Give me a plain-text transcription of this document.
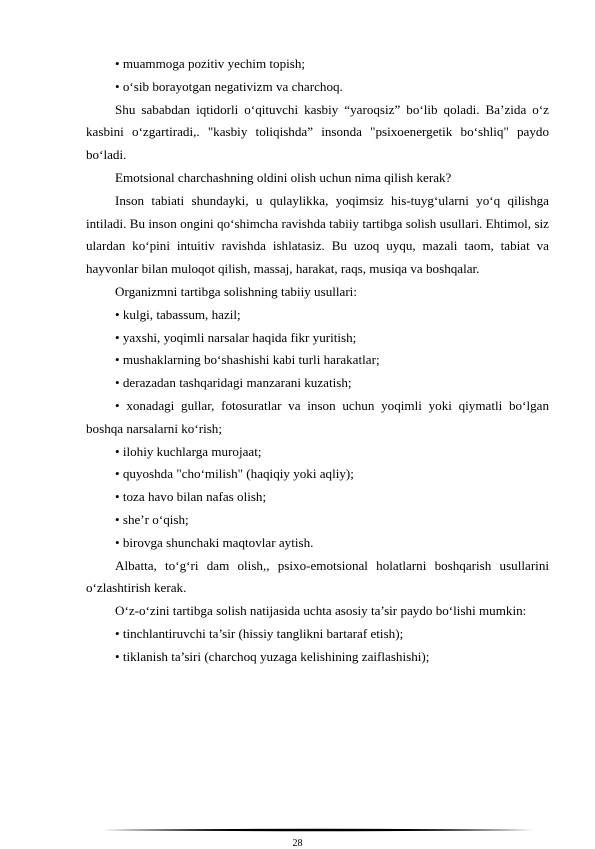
• muammoga pozitiv yechim topish;

• o‘sib borayotgan negativizm va charchoq.

Shu sababdan iqtidorli o‘qituvchi kasbiy “yaroqsiz” bo‘lib qoladi. Ba’zida o‘z kasbini o‘zgartiradi,. "kasbiy toliqishda” insonda "psixoenergetik bo‘shliq" paydo bo‘ladi.

Emotsional charchashning oldini olish uchun nima qilish kerak?

Inson tabiati shundayki, u qulaylikka, yoqimsiz his-tuyg‘ularni yo‘q qilishga intiladi. Bu inson ongini qo‘shimcha ravishda tabiiy tartibga solish usullari. Ehtimol, siz ulardan ko‘pini intuitiv ravishda ishlatasiz. Bu uzoq uyqu, mazali taom, tabiat va hayvonlar bilan muloqot qilish, massaj, harakat, raqs, musiqa va boshqalar.

Organizmni tartibga solishning tabiiy usullari:

• kulgi, tabassum, hazil;

• yaxshi, yoqimli narsalar haqida fikr yuritish;

• mushaklarning bo‘shashishi kabi turli harakatlar;

• derazadan tashqaridagi manzarani kuzatish;

• xonadagi gullar, fotosuratlar va inson uchun yoqimli yoki qiymatli bo‘lgan boshqa narsalarni ko‘rish;

• ilohiy kuchlarga murojaat;

• quyoshda "cho‘milish" (haqiqiy yoki aqliy);

• toza havo bilan nafas olish;

• she’r o‘qish;

• birovga shunchaki maqtovlar aytish.

Albatta, to‘g‘ri dam olish,, psixo-emotsional holatlarni boshqarish usullarini o‘zlashtirish kerak.

O‘z-o‘zini tartibga solish natijasida uchta asosiy ta’sir paydo bo‘lishi mumkin:

• tinchlantiruvchi ta’sir (hissiy tanglikni bartaraf etish);

• tiklanish ta’siri (charchoq yuzaga kelishining zaiflashishi);

28
